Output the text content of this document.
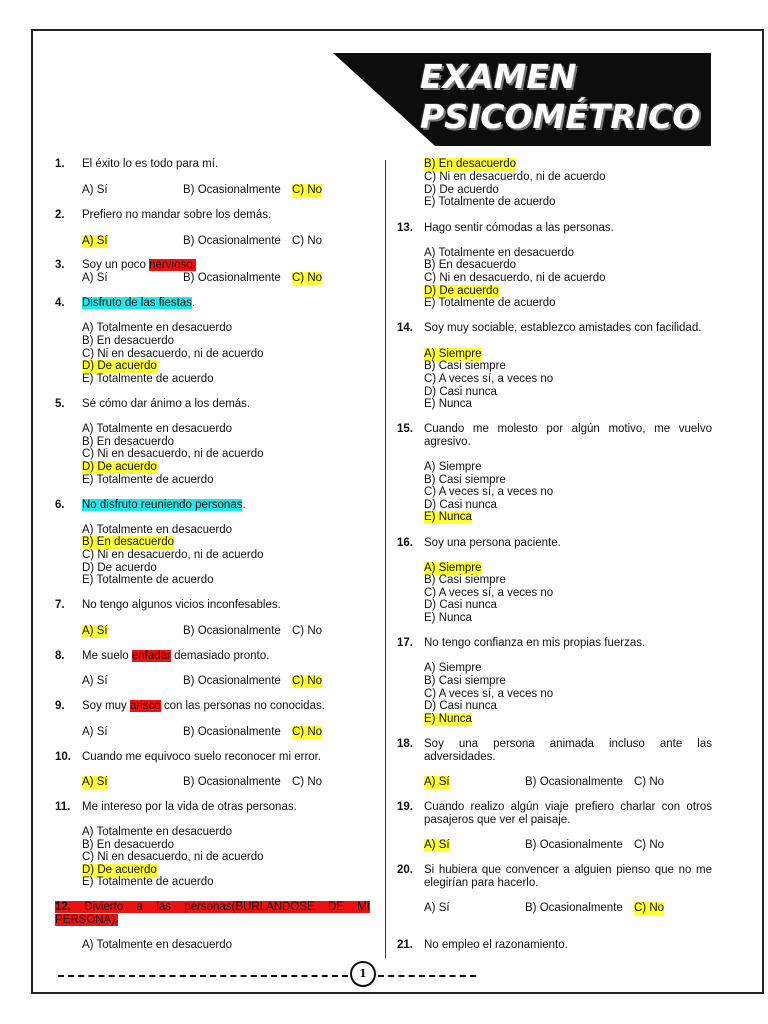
EXAMEN
PSICOMÉTRICO
1. El éxito lo es todo para mí.
A) Sí	B) Ocasionalmente C) No
2. Prefiero no mandar sobre los demás.
A) Sí	B) Ocasionalmente C) No
3. Soy un poco nervioso.
A) Sí	B) Ocasionalmente C) No
4. Disfruto de las fiestas.
A) Totalmente en desacuerdo
B) En desacuerdo
C) Ni en desacuerdo, ni de acuerdo
D) De acuerdo
E) Totalmente de acuerdo
5. Sé cómo dar ánimo a los demás.
A) Totalmente en desacuerdo
B) En desacuerdo
C) Ni en desacuerdo, ni de acuerdo
D) De acuerdo
E) Totalmente de acuerdo
6. No disfruto reuniendo personas.
A) Totalmente en desacuerdo
B) En desacuerdo
C) Ni en desacuerdo, ni de acuerdo
D) De acuerdo
E) Totalmente de acuerdo
7. No tengo algunos vicios inconfesables.
A) Sí	B) Ocasionalmente C) No
8. Me suelo enfadar demasiado pronto.
A) Sí	B) Ocasionalmente C) No
9. Soy muy arisco con las personas no conocidas.
A) Sí	B) Ocasionalmente C) No
10. Cuando me equivoco suelo reconocer mi error.
A) Sí	B) Ocasionalmente C) No
11. Me intereso por la vida de otras personas.
A) Totalmente en desacuerdo
B) En desacuerdo
C) Ni en desacuerdo, ni de acuerdo
D) De acuerdo
E) Totalmente de acuerdo
12. Divierto a las personas(BURLANDOSE DE MI PERSONA).
A) Totalmente en desacuerdo
B) En desacuerdo
C) Ni en desacuerdo, ni de acuerdo
D) De acuerdo
E) Totalmente de acuerdo
13. Hago sentir cómodas a las personas.
A) Totalmente en desacuerdo
B) En desacuerdo
C) Ni en desacuerdo, ni de acuerdo
D) De acuerdo
E) Totalmente de acuerdo
14. Soy muy sociable, establezco amistades con facilidad.
A) Siempre
B) Casi siempre
C) A veces sí, a veces no
D) Casi nunca
E) Nunca
15. Cuando me molesto por algún motivo, me vuelvo agresivo.
A) Siempre
B) Casi siempre
C) A veces sí, a veces no
D) Casi nunca
E) Nunca
16. Soy una persona paciente.
A) Siempre
B) Casi siempre
C) A veces sí, a veces no
D) Casi nunca
E) Nunca
17. No tengo confianza en mis propias fuerzas.
A) Siempre
B) Casi siempre
C) A veces sí, a veces no
D) Casi nunca
E) Nunca
18. Soy una persona animada incluso ante las adversidades.
A) Sí	B) Ocasionalmente C) No
19. Cuando realizo algún viaje prefiero charlar con otros pasajeros que ver el paisaje.
A) Sí	B) Ocasionalmente C) No
20. Si hubiera que convencer a alguien pienso que no me elegirían para hacerlo.
A) Sí	B) Ocasionalmente C) No
21. No empleo el razonamiento.
1
